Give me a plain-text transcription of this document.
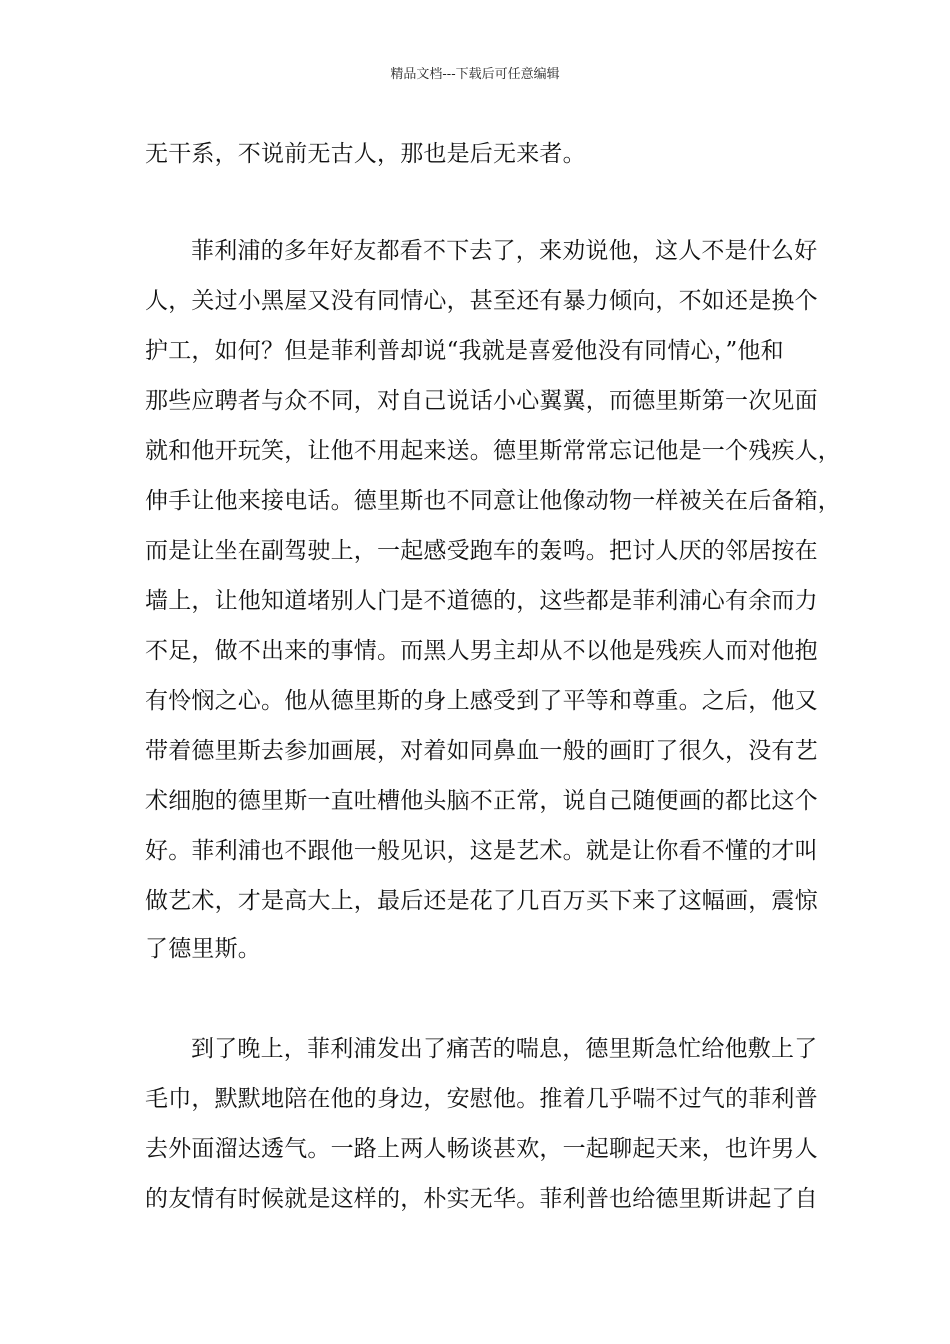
精品文档---下载后可任意编辑
无干系，不说前无古人，那也是后无来者。
菲利浦的多年好友都看不下去了，来劝说他，这人不是什么好
人，关过小黑屋又没有同情心，甚至还有暴力倾向，不如还是换个
护工，如何？但是菲利普却说“我就是喜爱他没有同情心，”他和
那些应聘者与众不同，对自己说话小心翼翼，而德里斯第一次见面
就和他开玩笑，让他不用起来送。德里斯常常忘记他是一个残疾人，
伸手让他来接电话。德里斯也不同意让他像动物一样被关在后备箱，
而是让坐在副驾驶上，一起感受跑车的轰鸣。把讨人厌的邻居按在
墙上，让他知道堵别人门是不道德的，这些都是菲利浦心有余而力
不足，做不出来的事情。而黑人男主却从不以他是残疾人而对他抱
有怜悯之心。他从德里斯的身上感受到了平等和尊重。之后，他又
带着德里斯去参加画展，对着如同鼻血一般的画盯了很久，没有艺
术细胞的德里斯一直吐槽他头脑不正常，说自己随便画的都比这个
好。菲利浦也不跟他一般见识，这是艺术。就是让你看不懂的才叫
做艺术，才是高大上，最后还是花了几百万买下来了这幅画，震惊
了德里斯。
到了晚上，菲利浦发出了痛苦的喘息，德里斯急忙给他敷上了
毛巾，默默地陪在他的身边，安慰他。推着几乎喘不过气的菲利普
去外面溜达透气。一路上两人畅谈甚欢，一起聊起天来，也许男人
的友情有时候就是这样的，朴实无华。菲利普也给德里斯讲起了自
